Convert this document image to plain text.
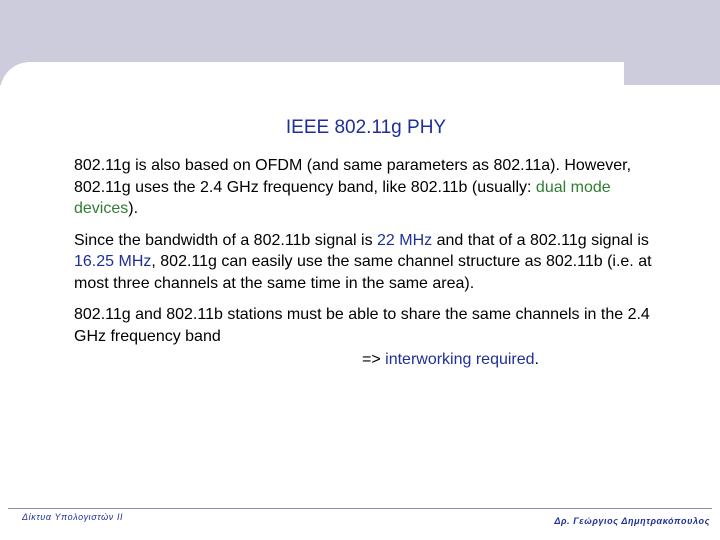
IEEE 802.11g PHY

802.11g is also based on OFDM (and same parameters as 802.11a). However, 802.11g uses the 2.4 GHz frequency band, like 802.11b (usually: dual mode devices).

Since the bandwidth of a 802.11b signal is 22 MHz and that of a 802.11g signal is 16.25 MHz, 802.11g can easily use the same channel structure as 802.11b (i.e. at most three channels at the same time in the same area).

802.11g and 802.11b stations must be able to share the same channels in the 2.4 GHz frequency band
=> interworking required.

Δίκτυα Υπολογιστών ΙΙ	Δρ. Γεώργιος Δημητρακόπουλος
